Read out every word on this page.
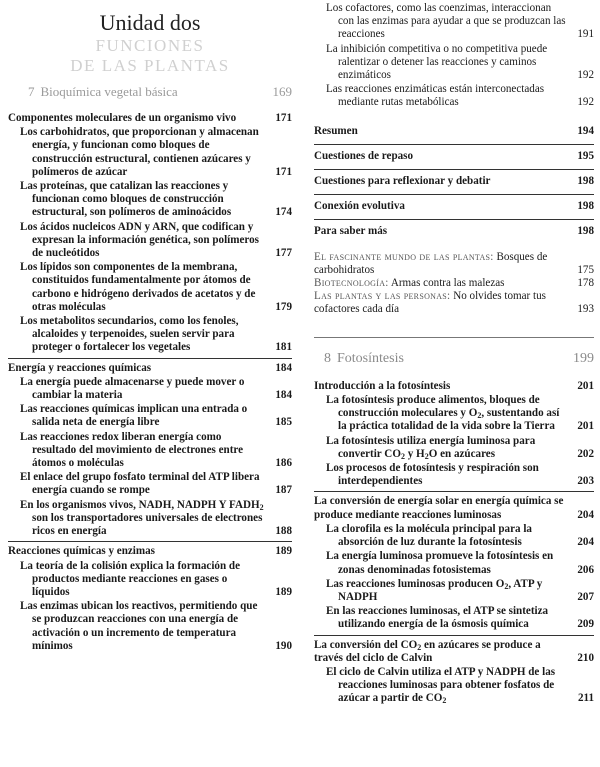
Unidad dos
FUNCIONES
DE LAS PLANTAS
7 Bioquímica vegetal básica	169
Componentes moleculares de un organismo vivo	171
Los carbohidratos, que proporcionan y almacenan energía, y funcionan como bloques de construcción estructural, contienen azúcares y polímeros de azúcar	171
Las proteínas, que catalizan las reacciones y funcionan como bloques de construcción estructural, son polímeros de aminoácidos	174
Los ácidos nucleicos ADN y ARN, que codifican y expresan la información genética, son polímeros de nucleótidos	177
Los lípidos son componentes de la membrana, constituidos fundamentalmente por átomos de carbono e hidrógeno derivados de acetatos y de otras moléculas	179
Los metabolitos secundarios, como los fenoles, alcaloides y terpenoides, suelen servir para proteger o fortalecer los vegetales	181
Energía y reacciones químicas	184
La energía puede almacenarse y puede mover o cambiar la materia	184
Las reacciones químicas implican una entrada o salida neta de energía libre	185
Las reacciones redox liberan energía como resultado del movimiento de electrones entre átomos o moléculas	186
El enlace del grupo fosfato terminal del ATP libera energía cuando se rompe	187
En los organismos vivos, NADH, NADPH Y $FADH_2$ son los transportadores universales de electrones ricos en energía	188
Reacciones químicas y enzimas	189
La teoría de la colisión explica la formación de productos mediante reacciones en gases o líquidos	189
Las enzimas ubican los reactivos, permitiendo que se produzcan reacciones con una energía de activación o un incremento de temperatura mínimos	190
Los cofactores, como las coenzimas, interaccionan con las enzimas para ayudar a que se produzcan las reacciones	191
La inhibición competitiva o no competitiva puede ralentizar o detener las reacciones y caminos enzimáticos	192
Las reacciones enzimáticas están interconectadas mediante rutas metabólicas	192
Resumen	194
Cuestiones de repaso	195
Cuestiones para reflexionar y debatir	198
Conexión evolutiva	198
Para saber más	198
El fascinante mundo de las plantas: Bosques de carbohidratos	175
Biotecnología: Armas contra las malezas	178
Las plantas y las personas: No olvides tomar tus cofactores cada día	193
8 Fotosíntesis	199
Introducción a la fotosíntesis	201
La fotosíntesis produce alimentos, bloques de construcción moleculares y $O_2$, sustentando así la práctica totalidad de la vida sobre la Tierra	201
La fotosíntesis utiliza energía luminosa para convertir $CO_2$ y $H_2O$ en azúcares	202
Los procesos de fotosíntesis y respiración son interdependientes	203
La conversión de energía solar en energía química se produce mediante reacciones luminosas	204
La clorofila es la molécula principal para la absorción de luz durante la fotosíntesis	204
La energía luminosa promueve la fotosíntesis en zonas denominadas fotosistemas	206
Las reacciones luminosas producen $O_2$, ATP y NADPH	207
En las reacciones luminosas, el ATP se sintetiza utilizando energía de la ósmosis química	209
La conversión del $CO_2$ en azúcares se produce a través del ciclo de Calvin	210
El ciclo de Calvin utiliza el ATP y NADPH de las reacciones luminosas para obtener fosfatos de azúcar a partir de $CO_2$	211
